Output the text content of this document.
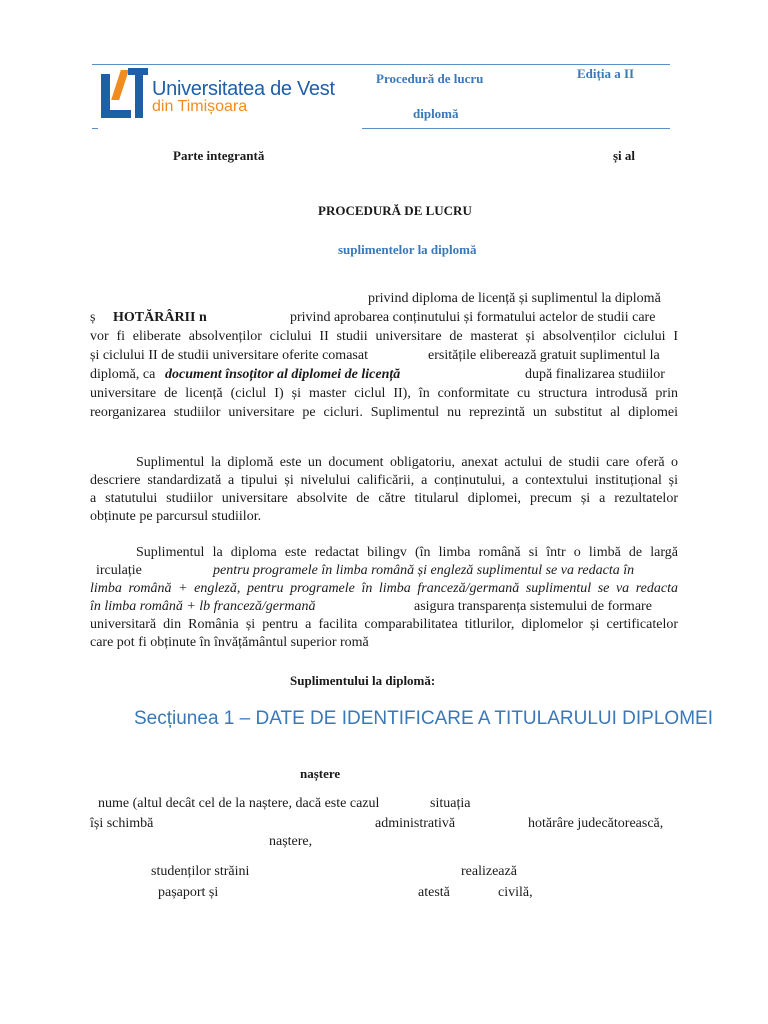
Universitatea de Vest
din Timișoara
Procedură de lucru
diplomă
Ediția a II
Parte integrantă	și al
PROCEDURĂ DE LUCRU
suplimentelor la diplomă
privind diploma de licență și suplimentul la diplomă
ș HOTĂRÂRII n	privind aprobarea conținutului și formatului actelor de studii care
vor fi eliberate absolvenților ciclului II studii universitare de masterat și absolvenților ciclului I
și ciclului II de studii universitare oferite comasat	ersitățile eliberează gratuit suplimentul la
diplomă, ca document însoțitor al diplomei de licență	după finalizarea studiilor
universitare de licență (ciclul I) și master ciclul II), în conformitate cu structura introdusă prin
reorganizarea studiilor universitare pe cicluri. Suplimentul nu reprezintă un substitut al diplomei
Suplimentul la diplomă este un document obligatoriu, anexat actului de studii care oferă o
descriere standardizată a tipului și nivelului calificării, a conținutului, a contextului instituțional și
a statutului studiilor universitare absolvite de către titularul diplomei, precum și a rezultatelor
obținute pe parcursul studiilor.
Suplimentul la diploma este redactat bilingv (în limba română si într o limbă de largă
irculație	pentru programele în limba română și engleză suplimentul se va redacta în
limba română + engleză, pentru programele în limba franceză/germană suplimentul se va redacta
în limba română + lb franceză/germană	asigura transparența sistemului de formare
universitară din România și pentru a facilita comparabilitatea titlurilor, diplomelor și certificatelor
care pot fi obținute în învățământul superior romă
Suplimentului la diplomă:
Secțiunea 1 – DATE DE IDENTIFICARE A TITULARULUI DIPLOMEI
naștere
nume (altul decât cel de la naștere, dacă este cazul	situația
își schimbă	administrativă	hotărâre judecătorească,
naștere,
studenților străini	realizează
pașaport și	atestă	civilă,
